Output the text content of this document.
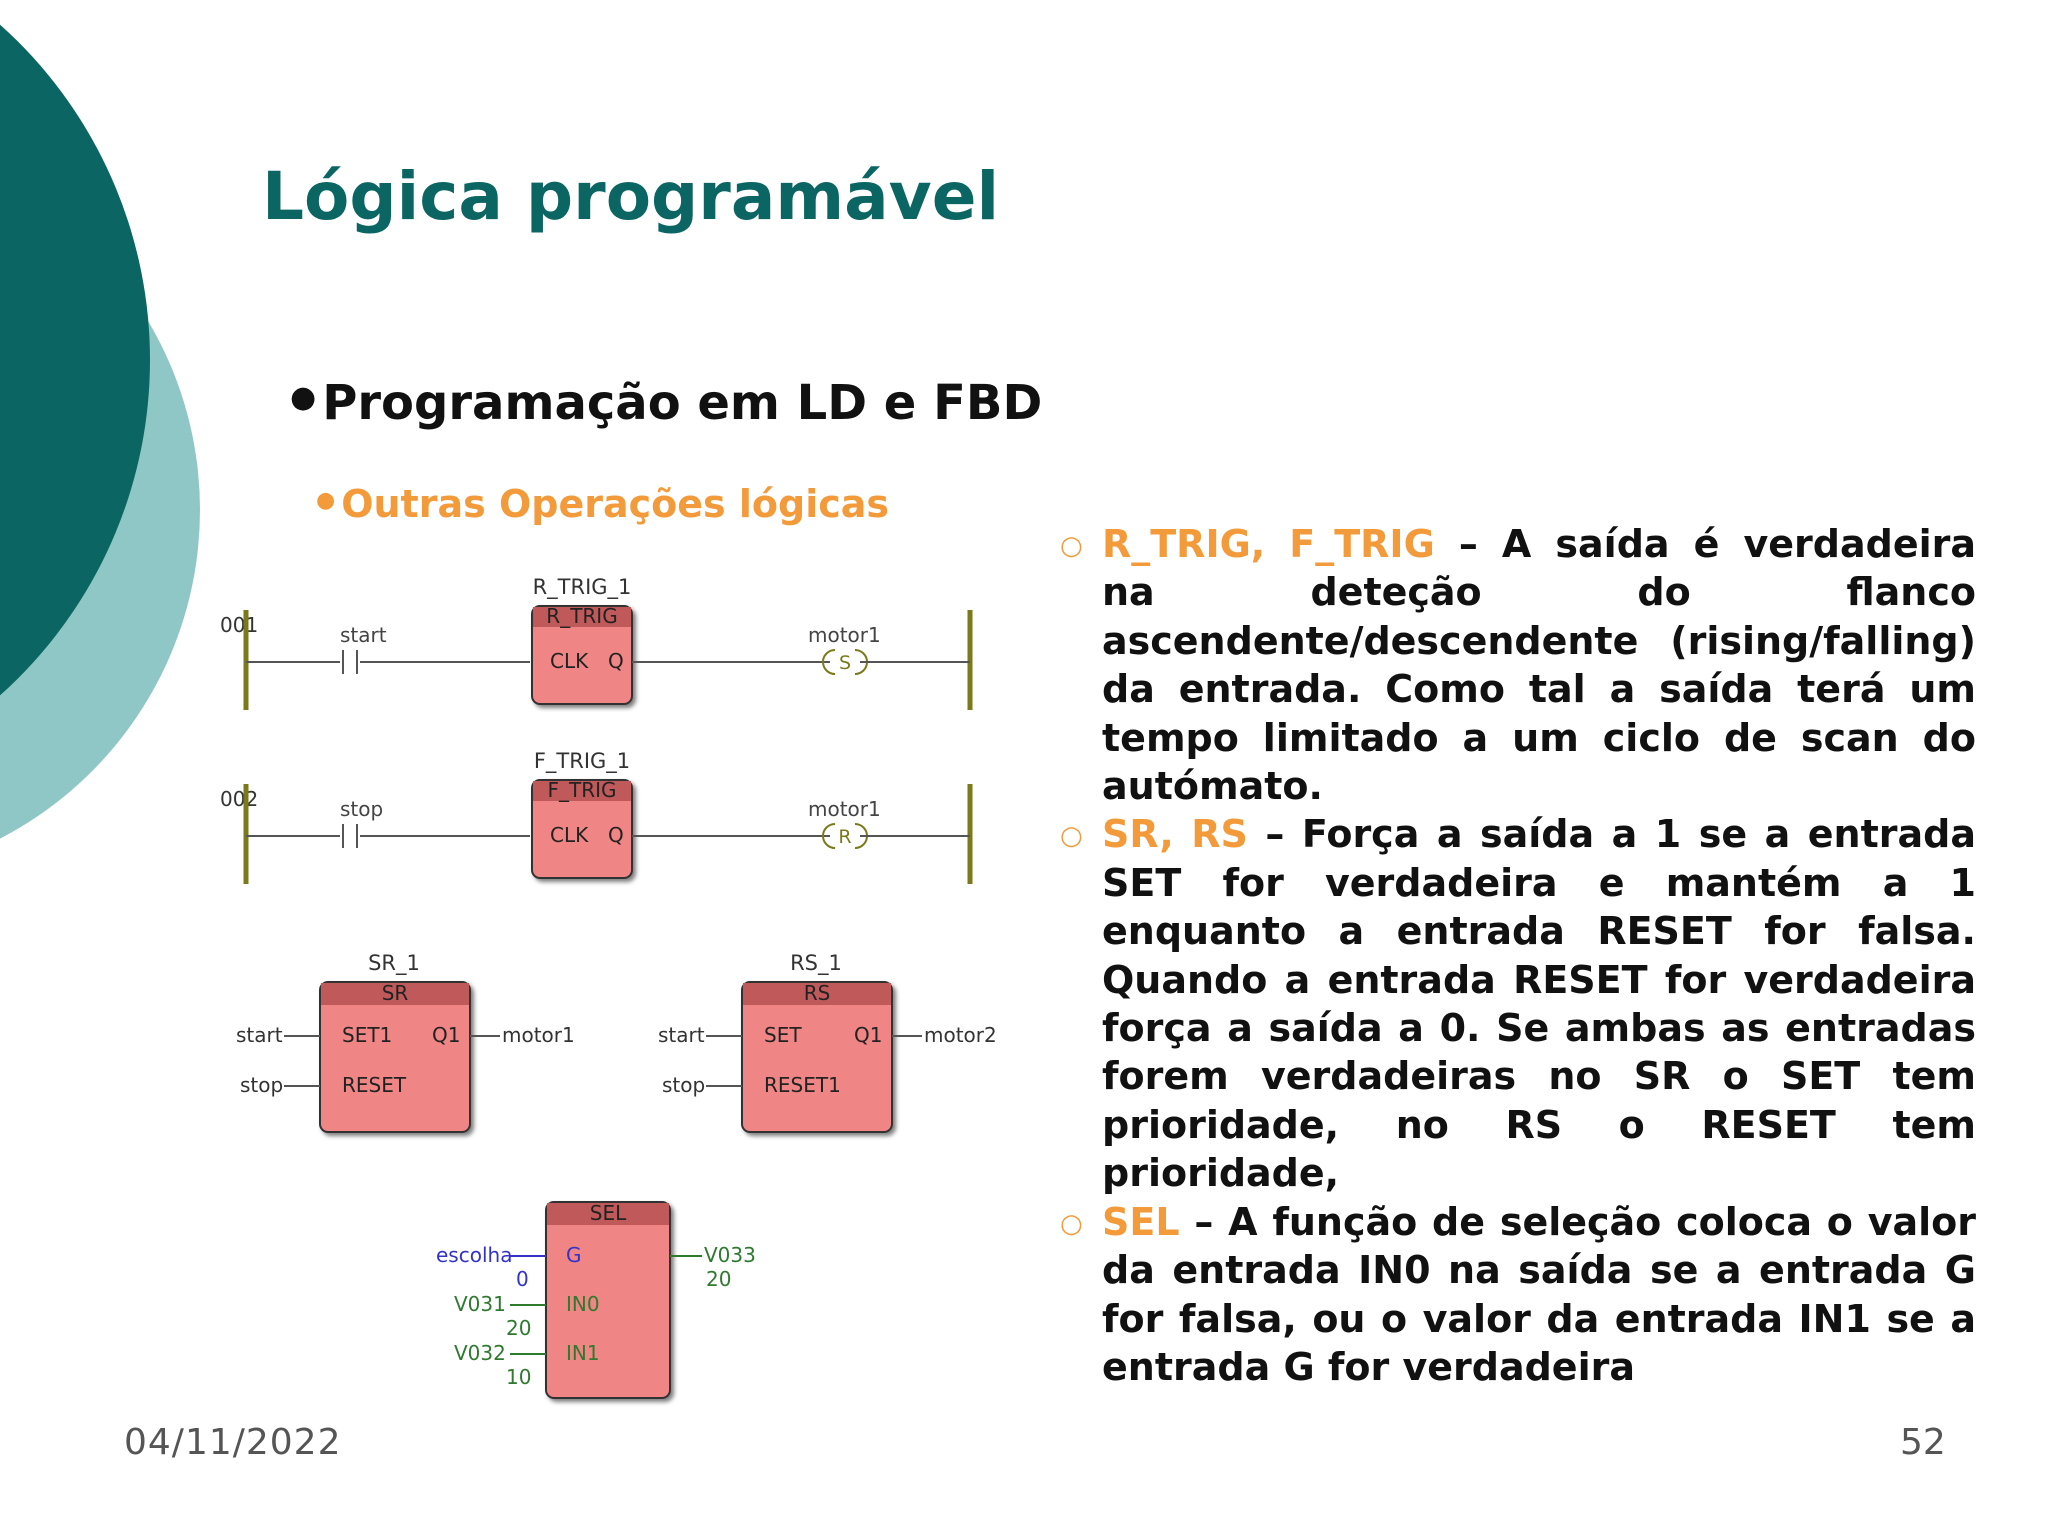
Lógica programável
● Programação em LD e FBD
● Outras Operações lógicas
001	start
R_TRIG_1
R_TRIG
CLK Q
motor1
S
002	stop
F_TRIG_1
F_TRIG
CLK Q
motor1
R
SR_1
SR
SET1
RESET
Q1
start
stop
motor1
RS_1
RS
SET
RESET1
Q1
start
stop
motor2
SEL
G
IN0
IN1
escolha
0
V031
20
V032
10
V033
20
○ R_TRIG, F_TRIG – A saída é verdadeira na deteção do flanco ascendente/descendente (rising/falling) da entrada. Como tal a saída terá um tempo limitado a um ciclo de scan do autómato.
○ SR, RS – Força a saída a 1 se a entrada SET for verdadeira e mantém a 1 enquanto a entrada RESET for falsa. Quando a entrada RESET for verdadeira força a saída a 0. Se ambas as entradas forem verdadeiras no SR o SET tem prioridade, no RS o RESET tem prioridade,
○ SEL – A função de seleção coloca o valor da entrada IN0 na saída se a entrada G for falsa, ou o valor da entrada IN1 se a entrada G for verdadeira
04/11/2022	52
